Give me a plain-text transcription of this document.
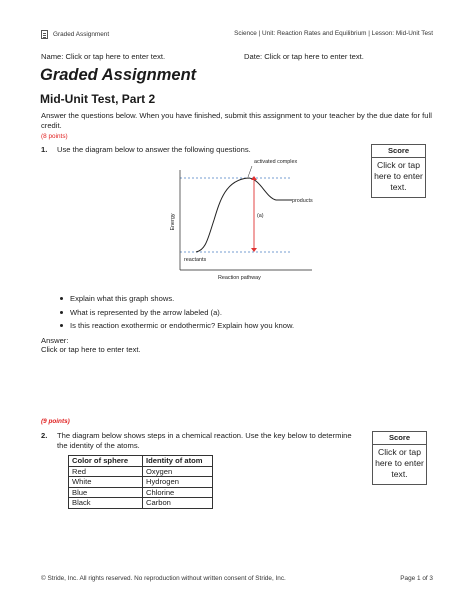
Graded Assignment	Science | Unit: Reaction Rates and Equilibrium | Lesson: Mid-Unit Test
Name: Click or tap here to enter text.	Date: Click or tap here to enter text.
Graded Assignment
Mid-Unit Test, Part 2
Answer the questions below. When you have finished, submit this assignment to your teacher by the due date for full credit.
(8 points)
1. Use the diagram below to answer the following questions.	Score
Click or tap here to enter text.
activated complex
products
reactants
(a)
Energy
Reaction pathway
Explain what this graph shows.
What is represented by the arrow labeled (a).
Is this reaction exothermic or endothermic? Explain how you know.
Answer:
Click or tap here to enter text.
(9 points)
2. The diagram below shows steps in a chemical reaction. Use the key below to determine the identity of the atoms.
Score
Click or tap here to enter text.
Color of sphere	Identity of atom
Red	Oxygen
White	Hydrogen
Blue	Chlorine
Black	Carbon
© Stride, Inc. All rights reserved. No reproduction without written consent of Stride, Inc.	Page 1 of 3
